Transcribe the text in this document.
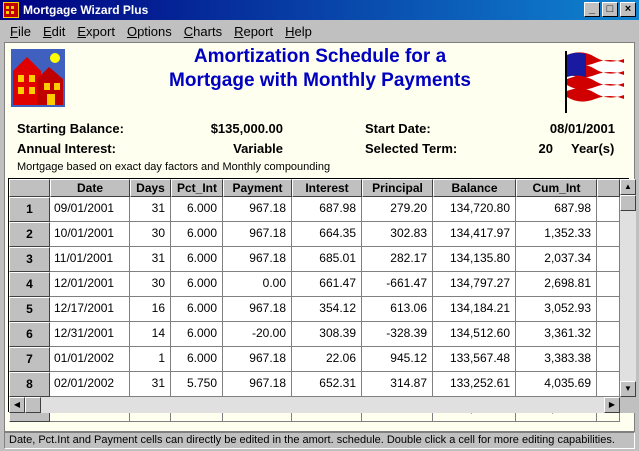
Mortgage Wizard Plus	_	□	×
File Edit Export Options Charts Report Help
Amortization Schedule for a
Mortgage with Monthly Payments
Starting Balance:	$135,000.00
Annual Interest:	Variable
Start Date:	08/01/2001
Selected Term:	20 Year(s)
Mortgage based on exact day factors and Monthly compounding
Date	Days	Pct_Int	Payment	Interest	Principal	Balance	Cum_Int
1	09/01/2001	31	6.000	967.18	687.98	279.20	134,720.80	687.98
2	10/01/2001	30	6.000	967.18	664.35	302.83	134,417.97	1,352.33
3	11/01/2001	31	6.000	967.18	685.01	282.17	134,135.80	2,037.34
4	12/01/2001	30	6.000	0.00	661.47	-661.47	134,797.27	2,698.81
5	12/17/2001	16	6.000	967.18	354.12	613.06	134,184.21	3,052.93
6	12/31/2001	14	6.000	-20.00	308.39	-328.39	134,512.60	3,361.32
7	01/01/2002	1	6.000	967.18	22.06	945.12	133,567.48	3,383.38
8	02/01/2002	31	5.750	967.18	652.31	314.87	133,252.61	4,035.69
▲
▼
◀	▶
Date, Pct.Int and Payment cells can directly be edited in the amort. schedule. Double click a cell for more editing capabilities.
